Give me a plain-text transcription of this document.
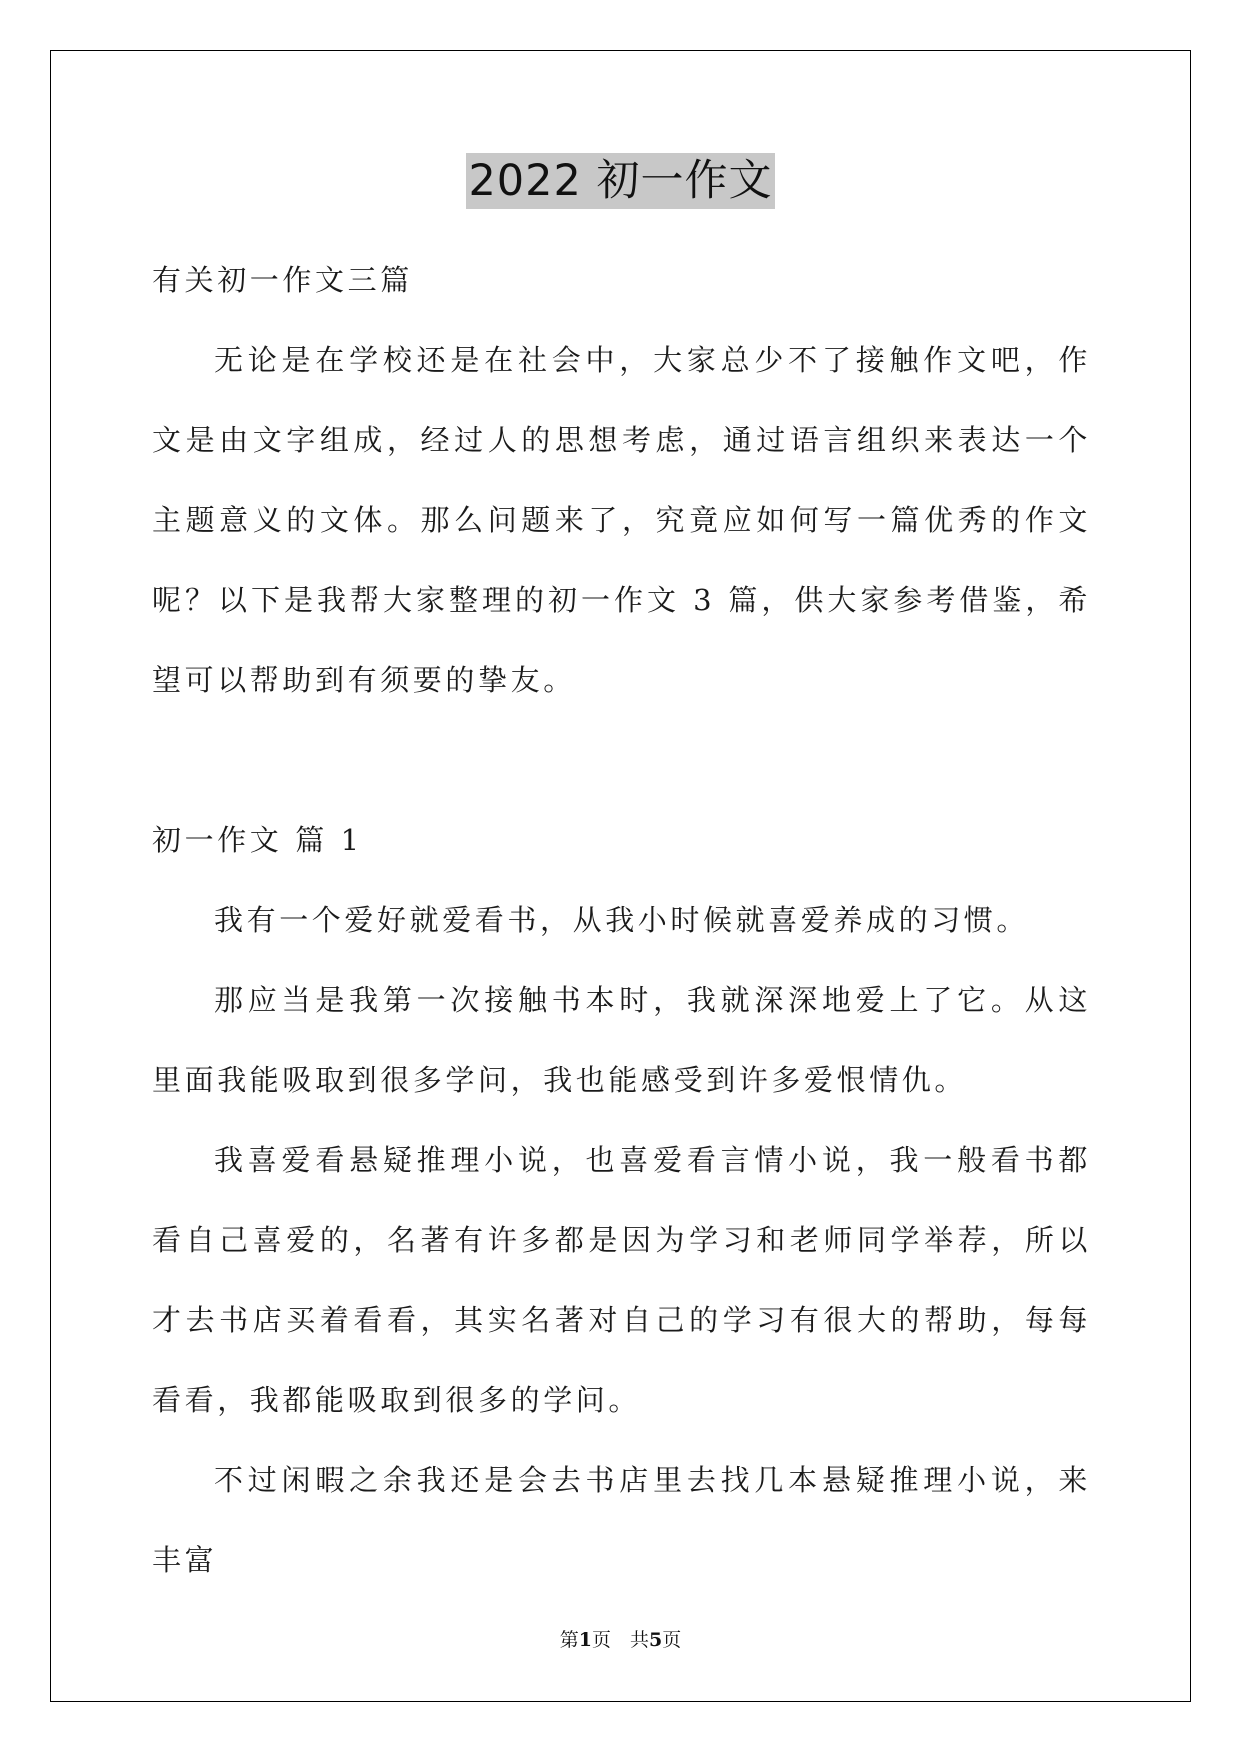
2022 初一作文

有关初一作文三篇

无论是在学校还是在社会中，大家总少不了接触作文吧，作文是由文字组成，经过人的思想考虑，通过语言组织来表达一个主题意义的文体。那么问题来了，究竟应如何写一篇优秀的作文呢？以下是我帮大家整理的初一作文 3 篇，供大家参考借鉴，希望可以帮助到有须要的挚友。

初一作文 篇 1

我有一个爱好就爱看书，从我小时候就喜爱养成的习惯。

那应当是我第一次接触书本时，我就深深地爱上了它。从这里面我能吸取到很多学问，我也能感受到许多爱恨情仇。

我喜爱看悬疑推理小说，也喜爱看言情小说，我一般看书都看自己喜爱的，名著有许多都是因为学习和老师同学举荐，所以才去书店买着看看，其实名著对自己的学习有很大的帮助，每每看看，我都能吸取到很多的学问。

不过闲暇之余我还是会去书店里去找几本悬疑推理小说，来丰富

第1页　共5页
